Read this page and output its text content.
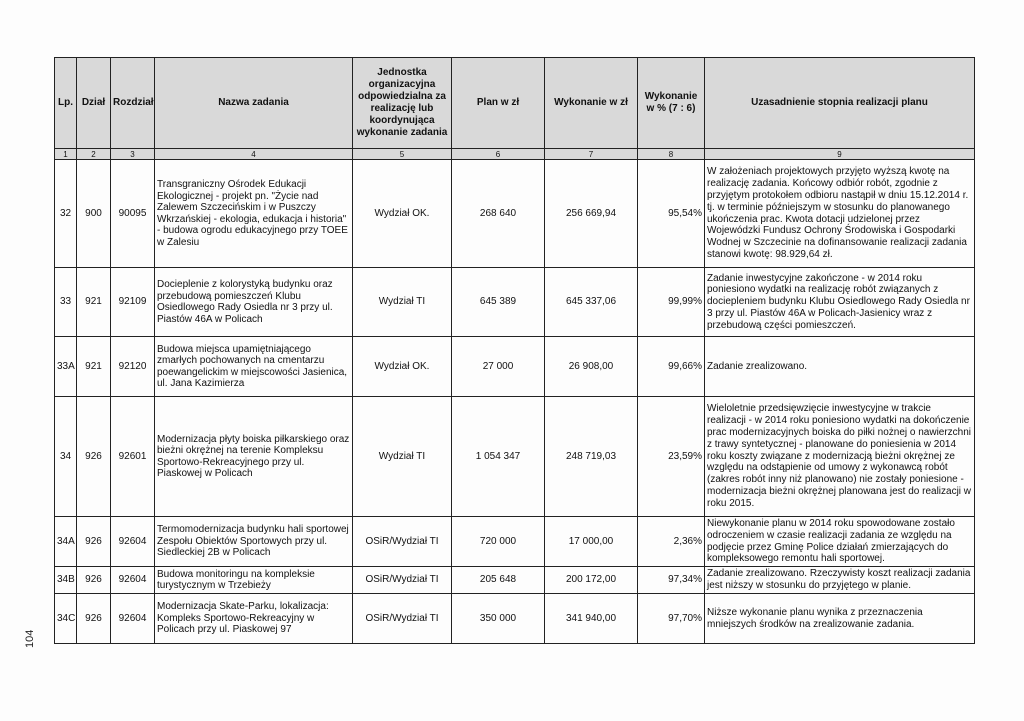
104
Lp.	Dział	Rozdział	Nazwa zadania	Jednostka organizacyjna odpowiedzialna za realizację lub koordynująca wykonanie zadania	Plan w zł	Wykonanie w zł	Wykonanie w % (7 : 6)	Uzasadnienie stopnia realizacji planu
1	2	3	4	5	6	7	8	9
32	900	90095	Transgraniczny Ośrodek Edukacji Ekologicznej - projekt pn. "Życie nad Zalewem Szczecińskim i w Puszczy Wkrzańskiej - ekologia, edukacja i historia" - budowa ogrodu edukacyjnego przy TOEE w Zalesiu	Wydział OK.	268 640	256 669,94	95,54%	W założeniach projektowych przyjęto wyższą kwotę na realizację zadania. Końcowy odbiór robót, zgodnie z przyjętym protokołem odbioru nastąpił w dniu 15.12.2014 r. tj. w terminie późniejszym w stosunku do planowanego ukończenia prac. Kwota dotacji udzielonej przez Wojewódzki Fundusz Ochrony Środowiska i Gospodarki Wodnej w Szczecinie na dofinansowanie realizacji zadania stanowi kwotę: 98.929,64 zł.
33	921	92109	Docieplenie z kolorystyką budynku oraz przebudową pomieszczeń Klubu Osiedlowego Rady Osiedla nr 3 przy ul. Piastów 46A w Policach	Wydział TI	645 389	645 337,06	99,99%	Zadanie inwestycyjne zakończone - w 2014 roku poniesiono wydatki na realizację robót związanych z dociepleniem budynku Klubu Osiedlowego Rady Osiedla nr 3 przy ul. Piastów 46A w Policach-Jasienicy wraz z przebudową części pomieszczeń.
33A	921	92120	Budowa miejsca upamiętniającego zmarłych pochowanych na cmentarzu poewangelickim w miejscowości Jasienica, ul. Jana Kazimierza	Wydział OK.	27 000	26 908,00	99,66%	Zadanie zrealizowano.
34	926	92601	Modernizacja płyty boiska piłkarskiego oraz bieżni okrężnej na terenie Kompleksu Sportowo-Rekreacyjnego przy ul. Piaskowej w Policach	Wydział TI	1 054 347	248 719,03	23,59%	Wieloletnie przedsięwzięcie inwestycyjne w trakcie realizacji - w 2014 roku poniesiono wydatki na dokończenie prac modernizacyjnych boiska do piłki nożnej o nawierzchni z trawy syntetycznej - planowane do poniesienia w 2014 roku koszty związane z modernizacją bieżni okrężnej ze względu na odstąpienie od umowy z wykonawcą robót (zakres robót inny niż planowano) nie zostały poniesione - modernizacja bieżni okrężnej planowana jest do realizacji w roku 2015.
34A	926	92604	Termomodernizacja budynku hali sportowej Zespołu Obiektów Sportowych przy ul. Siedleckiej 2B w Policach	OSiR/Wydział TI	720 000	17 000,00	2,36%	Niewykonanie planu w 2014 roku spowodowane zostało odroczeniem w czasie realizacji zadania ze względu na podjęcie przez Gminę Police działań zmierzających do kompleksowego remontu hali sportowej.
34B	926	92604	Budowa monitoringu na kompleksie turystycznym w Trzebieży	OSiR/Wydział TI	205 648	200 172,00	97,34%	Zadanie zrealizowano. Rzeczywisty koszt realizacji zadania jest niższy w stosunku do przyjętego w planie.
34C	926	92604	Modernizacja Skate-Parku, lokalizacja: Kompleks Sportowo-Rekreacyjny w Policach przy ul. Piaskowej 97	OSiR/Wydział TI	350 000	341 940,00	97,70%	Niższe wykonanie planu wynika z przeznaczenia mniejszych środków na zrealizowanie zadania.
